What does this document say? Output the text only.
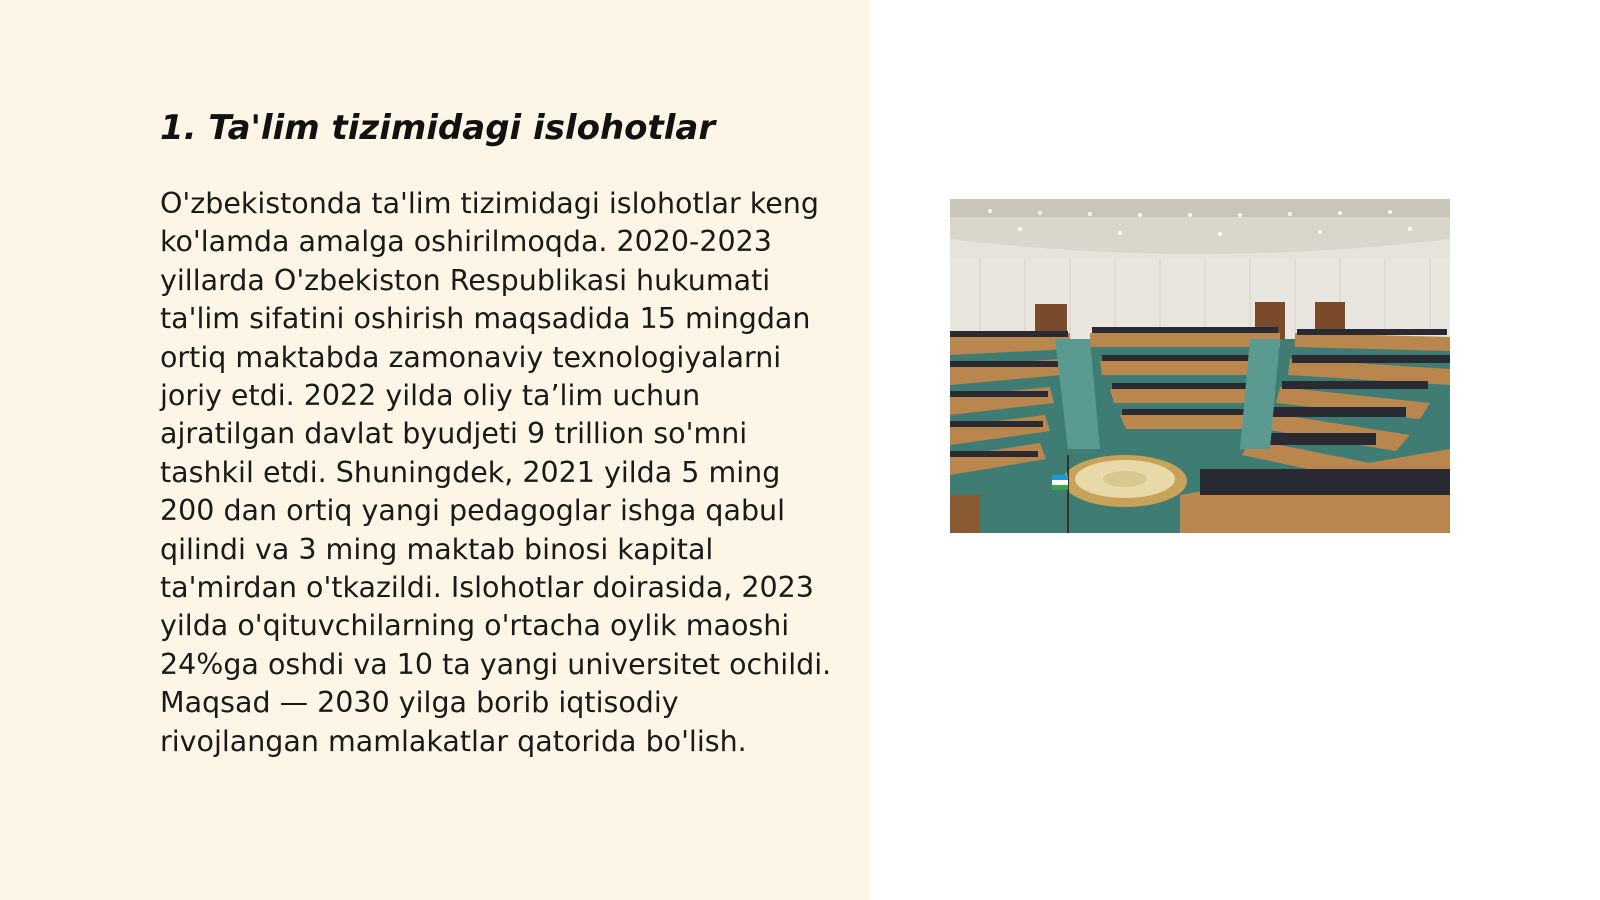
1. Ta'lim tizimidagi islohotlar

O'zbekistonda ta'lim tizimidagi islohotlar keng ko'lamda amalga oshirilmoqda. 2020-2023 yillarda O'zbekiston Respublikasi hukumati ta'lim sifatini oshirish maqsadida 15 mingdan ortiq maktabda zamonaviy texnologiyalarni joriy etdi. 2022 yilda oliy ta’lim uchun ajratilgan davlat byudjeti 9 trillion so'mni tashkil etdi. Shuningdek, 2021 yilda 5 ming 200 dan ortiq yangi pedagoglar ishga qabul qilindi va 3 ming maktab binosi kapital ta'mirdan o'tkazildi. Islohotlar doirasida, 2023 yilda o'qituvchilarning o'rtacha oylik maoshi 24%ga oshdi va 10 ta yangi universitet ochildi. Maqsad — 2030 yilga borib iqtisodiy rivojlangan mamlakatlar qatorida bo'lish.
